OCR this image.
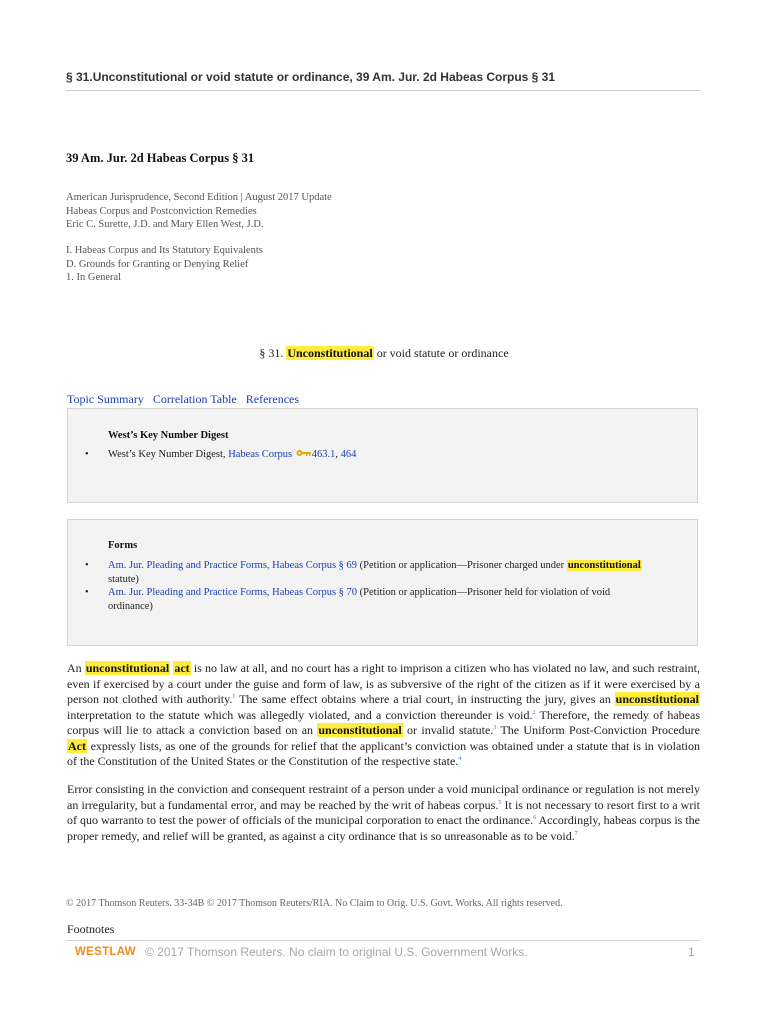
§ 31.Unconstitutional or void statute or ordinance, 39 Am. Jur. 2d Habeas Corpus § 31
39 Am. Jur. 2d Habeas Corpus § 31
American Jurisprudence, Second Edition | August 2017 Update
Habeas Corpus and Postconviction Remedies
Eric C. Surette, J.D. and Mary Ellen West, J.D.
I. Habeas Corpus and Its Statutory Equivalents
D. Grounds for Granting or Denying Relief
1. In General
§ 31. Unconstitutional or void statute or ordinance
Topic Summary Correlation Table References
West’s Key Number Digest
• West’s Key Number Digest, Habeas Corpus 463.1, 464
Forms
• Am. Jur. Pleading and Practice Forms, Habeas Corpus § 69 (Petition or application—Prisoner charged under unconstitutional statute)
• Am. Jur. Pleading and Practice Forms, Habeas Corpus § 70 (Petition or application—Prisoner held for violation of void ordinance)
An unconstitutional act is no law at all, and no court has a right to imprison a citizen who has violated no law, and such restraint, even if exercised by a court under the guise and form of law, is as subversive of the right of the citizen as if it were exercised by a person not clothed with authority.$^1$ The same effect obtains where a trial court, in instructing the jury, gives an unconstitutional interpretation to the statute which was allegedly violated, and a conviction thereunder is void.$^2$ Therefore, the remedy of habeas corpus will lie to attack a conviction based on an unconstitutional or invalid statute.$^3$ The Uniform Post-Conviction Procedure Act expressly lists, as one of the grounds for relief that the applicant’s conviction was obtained under a statute that is in violation of the Constitution of the United States or the Constitution of the respective state.$^4$
Error consisting in the conviction and consequent restraint of a person under a void municipal ordinance or regulation is not merely an irregularity, but a fundamental error, and may be reached by the writ of habeas corpus.$^5$ It is not necessary to resort first to a writ of quo warranto to test the power of officials of the municipal corporation to enact the ordinance.$^6$ Accordingly, habeas corpus is the proper remedy, and relief will be granted, as against a city ordinance that is so unreasonable as to be void.$^7$
© 2017 Thomson Reuters. 33-34B © 2017 Thomson Reuters/RIA. No Claim to Orig. U.S. Govt. Works. All rights reserved.
Footnotes
WESTLAW © 2017 Thomson Reuters. No claim to original U.S. Government Works.	1
